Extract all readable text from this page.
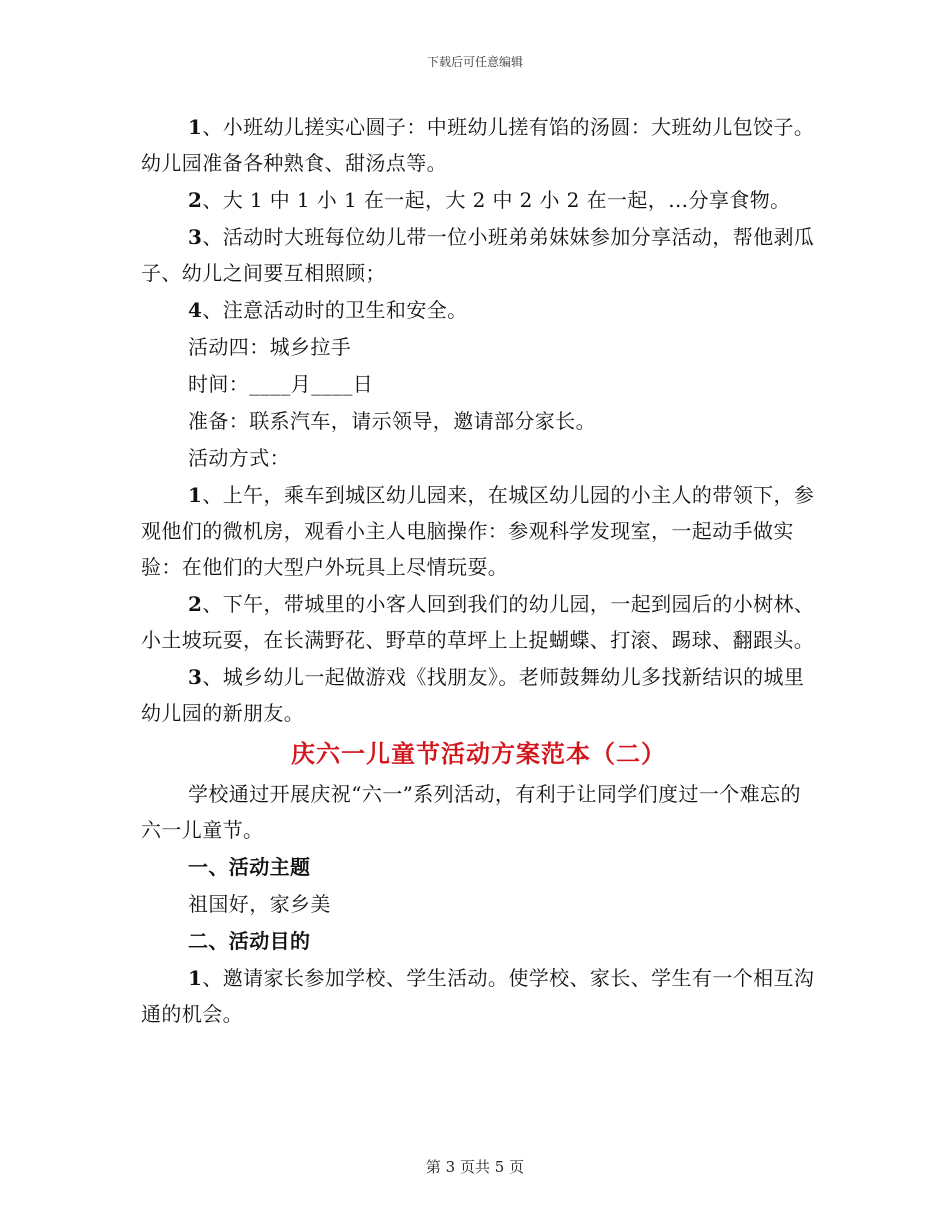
下载后可任意编辑

1、小班幼儿搓实心圆子：中班幼儿搓有馅的汤圆：大班幼儿包饺子。幼儿园准备各种熟食、甜汤点等。

2、大 1 中 1 小 1 在一起，大 2 中 2 小 2 在一起，…分享食物。

3、活动时大班每位幼儿带一位小班弟弟妹妹参加分享活动，帮他剥瓜子、幼儿之间要互相照顾；

4、注意活动时的卫生和安全。

活动四：城乡拉手

时间：____月____日

准备：联系汽车，请示领导，邀请部分家长。

活动方式：

1、上午，乘车到城区幼儿园来，在城区幼儿园的小主人的带领下，参观他们的微机房，观看小主人电脑操作：参观科学发现室，一起动手做实验：在他们的大型户外玩具上尽情玩耍。

2、下午，带城里的小客人回到我们的幼儿园，一起到园后的小树林、小土坡玩耍，在长满野花、野草的草坪上上捉蝴蝶、打滚、踢球、翻跟头。

3、城乡幼儿一起做游戏《找朋友》。老师鼓舞幼儿多找新结识的城里幼儿园的新朋友。

庆六一儿童节活动方案范本（二）

学校通过开展庆祝“六一”系列活动，有利于让同学们度过一个难忘的六一儿童节。

一、活动主题

祖国好，家乡美

二、活动目的

1、邀请家长参加学校、学生活动。使学校、家长、学生有一个相互沟通的机会。

第 3 页共 5 页
